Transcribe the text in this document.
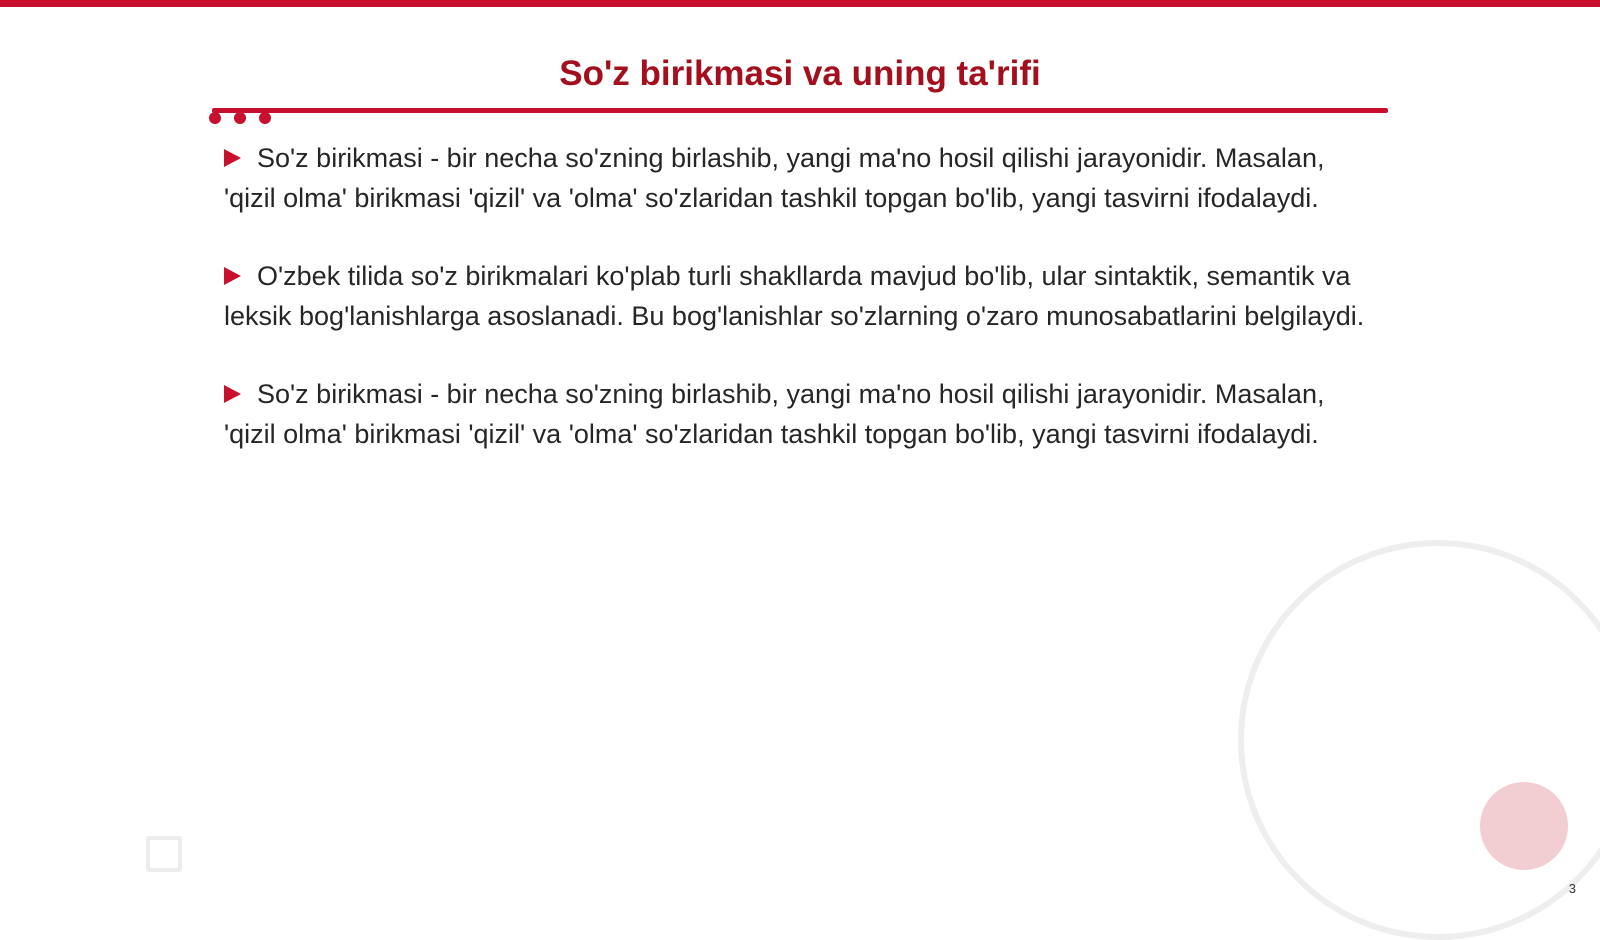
So'z birikmasi va uning ta'rifi

So'z birikmasi - bir necha so'zning birlashib, yangi ma'no hosil qilishi jarayonidir. Masalan, 'qizil olma' birikmasi 'qizil' va 'olma' so'zlaridan tashkil topgan bo'lib, yangi tasvirni ifodalaydi.

O'zbek tilida so'z birikmalari ko'plab turli shakllarda mavjud bo'lib, ular sintaktik, semantik va leksik bog'lanishlarga asoslanadi. Bu bog'lanishlar so'zlarning o'zaro munosabatlarini belgilaydi.

So'z birikmasi - bir necha so'zning birlashib, yangi ma'no hosil qilishi jarayonidir. Masalan, 'qizil olma' birikmasi 'qizil' va 'olma' so'zlaridan tashkil topgan bo'lib, yangi tasvirni ifodalaydi.

3
